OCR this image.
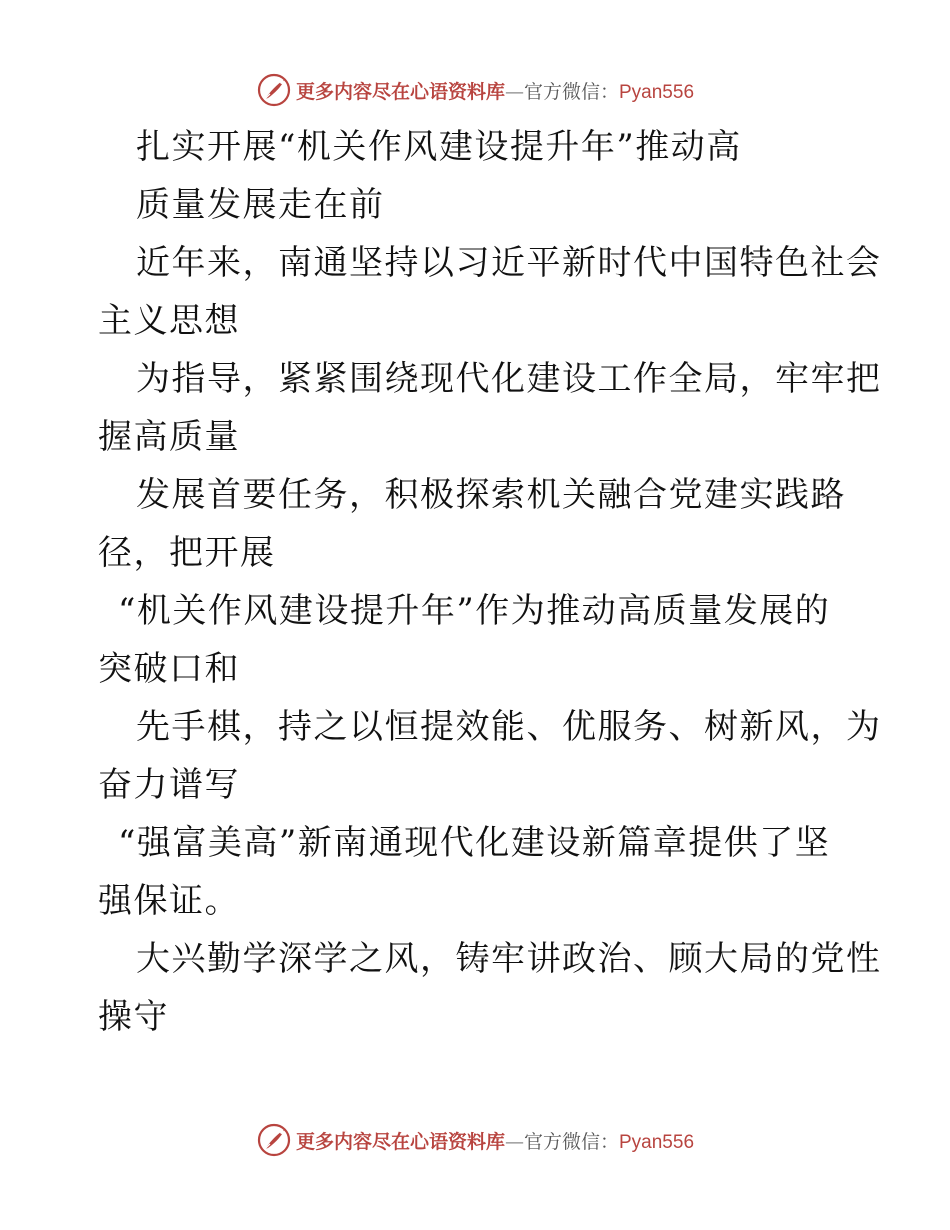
更多内容尽在心语资料库—官方微信：Pyan556
扎实开展“机关作风建设提升年”推动高
质量发展走在前
近年来，南通坚持以习近平新时代中国特色社会
主义思想
为指导，紧紧围绕现代化建设工作全局，牢牢把
握高质量
发展首要任务，积极探索机关融合党建实践路
径，把开展
“机关作风建设提升年”作为推动高质量发展的
突破口和
先手棋，持之以恒提效能、优服务、树新风，为
奋力谱写
“强富美高”新南通现代化建设新篇章提供了坚
强保证。
大兴勤学深学之风，铸牢讲政治、顾大局的党性
操守
更多内容尽在心语资料库—官方微信：Pyan556
